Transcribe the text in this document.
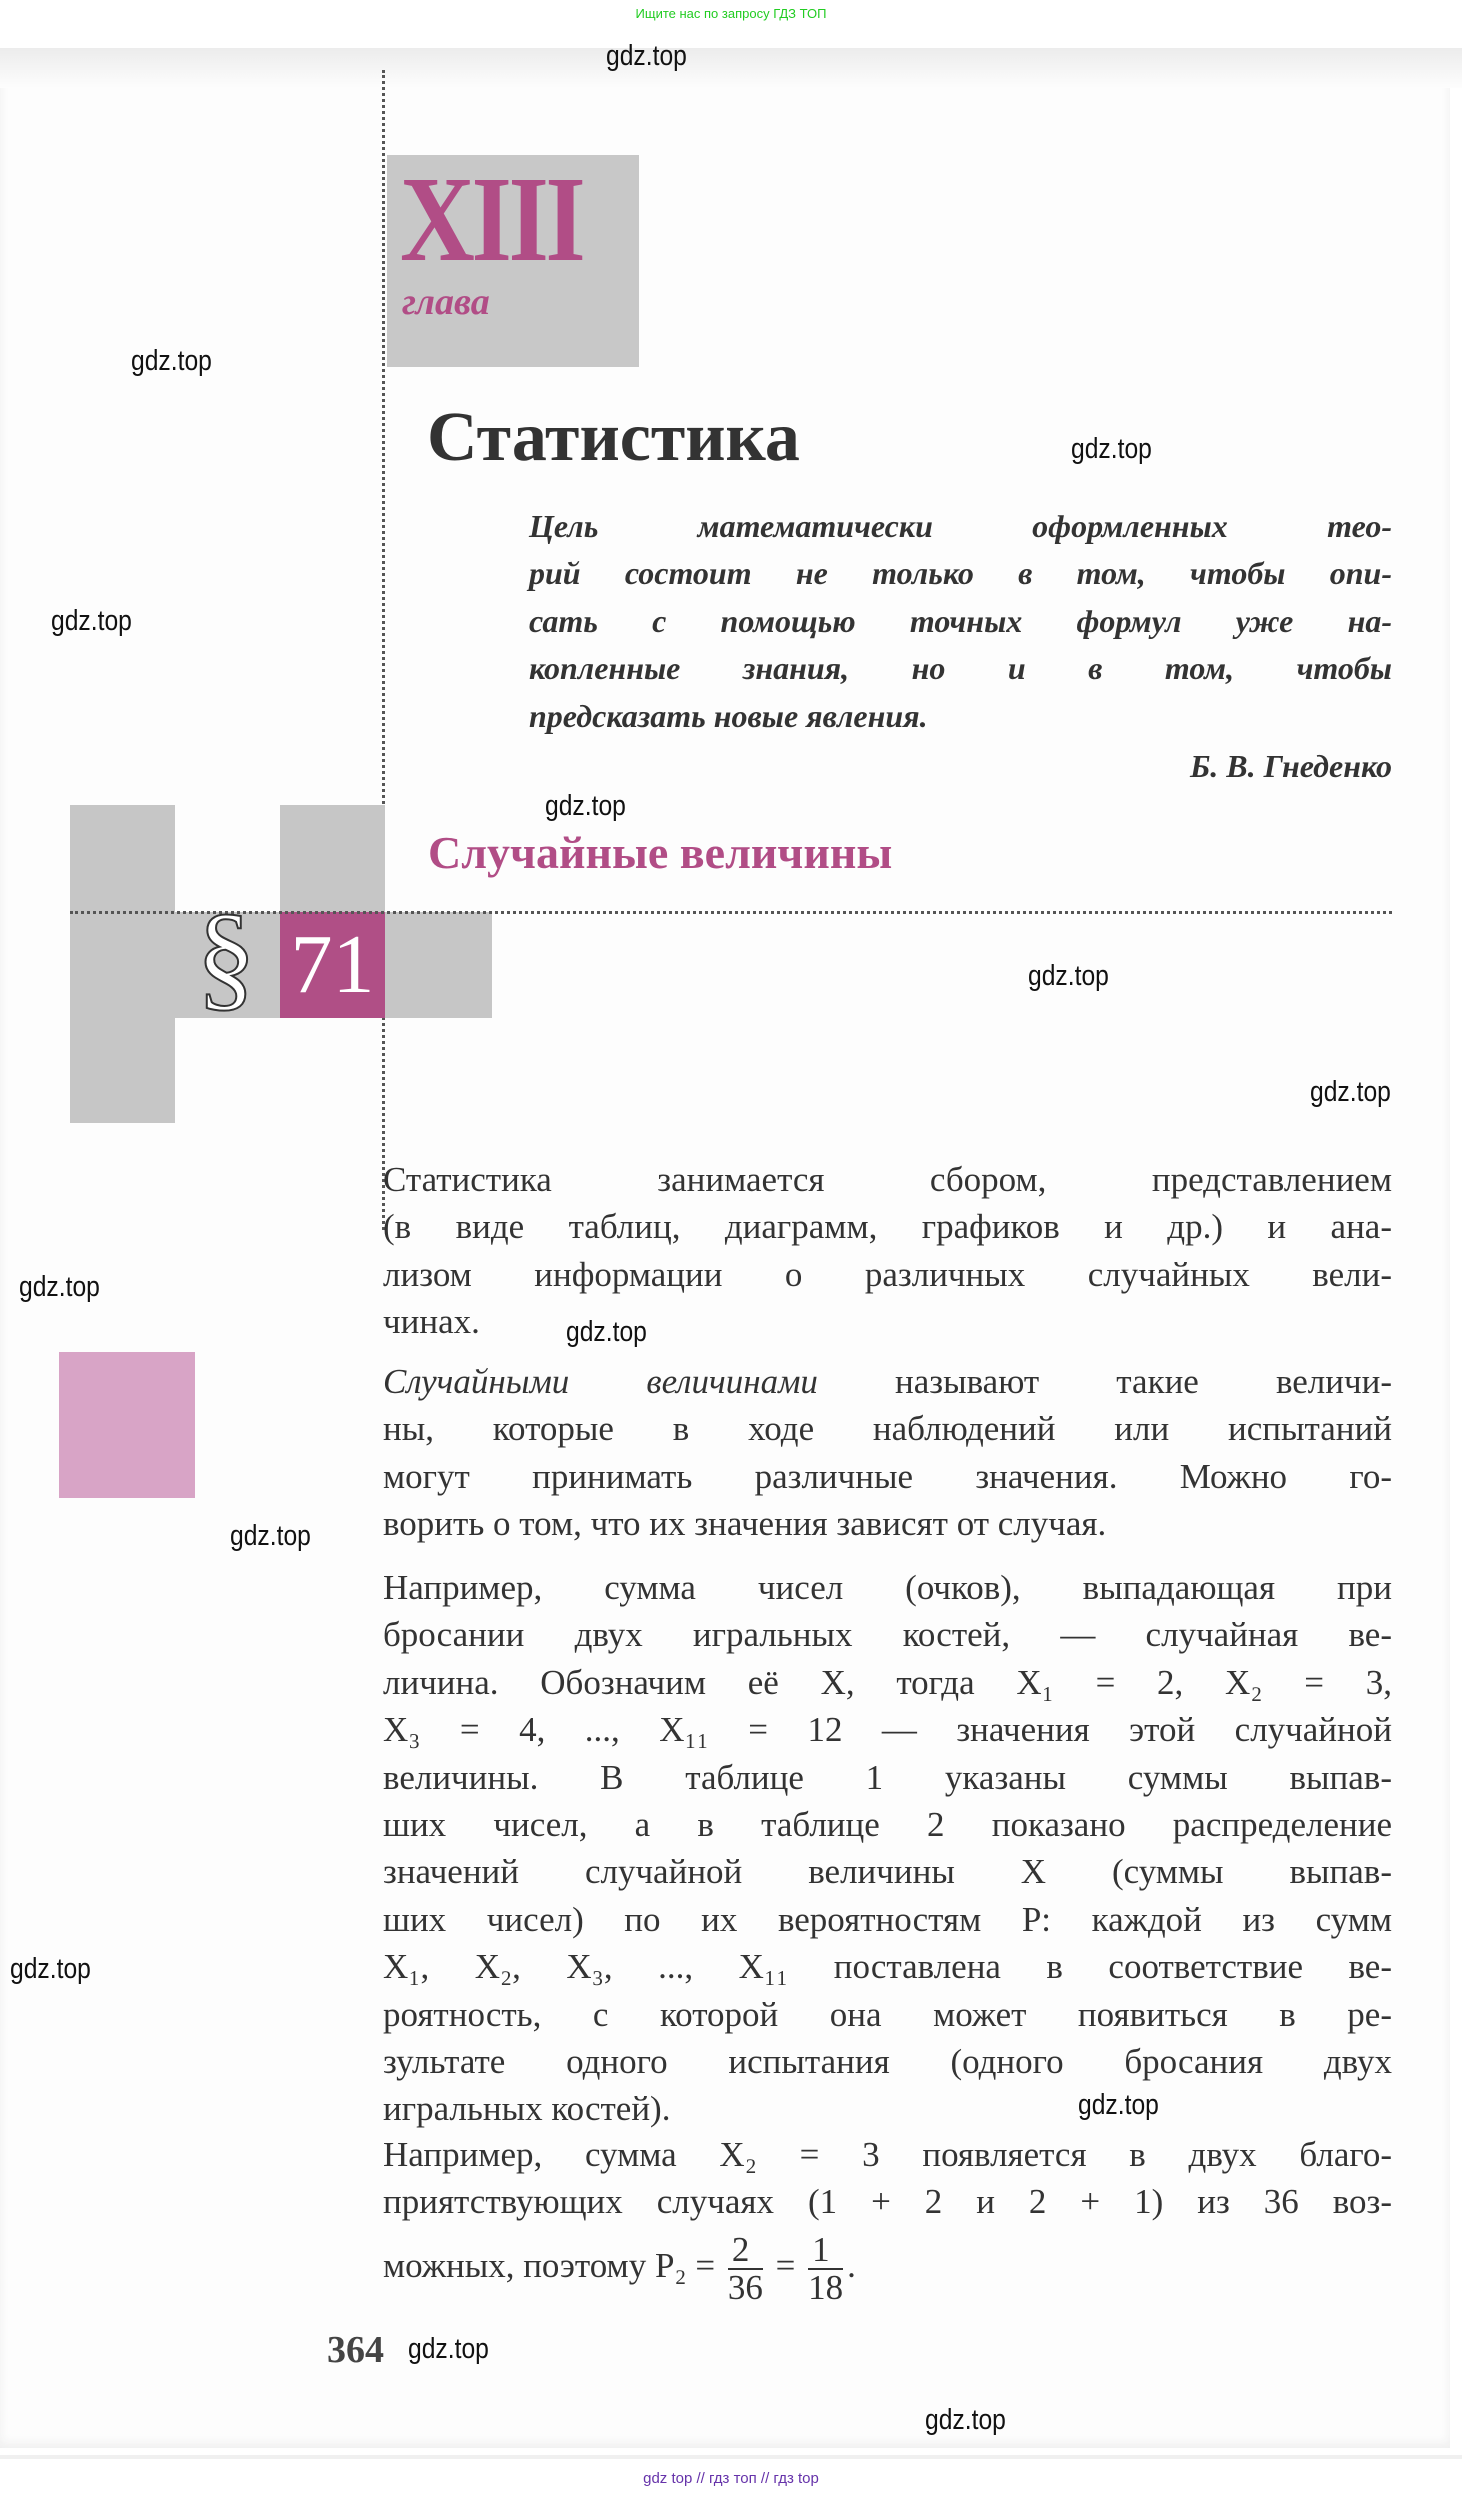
Ищите нас по запросу ГДЗ ТОП
XIII
глава
Статистика
Цель математически оформленных тео-
рий состоит не только в том, чтобы опи-
сать с помощью точных формул уже на-
копленные знания, но и в том, чтобы
предсказать новые явления.
Б. В. Гнеденко
§ 71
Случайные величины
Статистика занимается сбором, представлением
(в виде таблиц, диаграмм, графиков и др.) и ана-
лизом информации о различных случайных вели-
чинах.
Случайными величинами называют такие величи-
ны, которые в ходе наблюдений или испытаний
могут принимать различные значения. Можно го-
ворить о том, что их значения зависят от случая.
Например, сумма чисел (очков), выпадающая при
бросании двух игральных костей, — случайная ве-
личина. Обозначим её X, тогда X₁ = 2, X₂ = 3,
X₃ = 4, ..., X₁₁ = 12 — значения этой случайной
величины. В таблице 1 указаны суммы выпав-
ших чисел, а в таблице 2 показано распределение
значений случайной величины X (суммы выпав-
ших чисел) по их вероятностям P: каждой из сумм
X₁, X₂, X₃, ..., X₁₁ поставлена в соответствие ве-
роятность, с которой она может появиться в ре-
зультате одного испытания (одного бросания двух
игральных костей).
Например, сумма X₂ = 3 появляется в двух благо-
приятствующих случаях (1 + 2 и 2 + 1) из 36 воз-
можных, поэтому $P_2 = \frac{2}{36} = \frac{1}{18}$ .
364
gdz.top
gdz.top
gdz.top
gdz.top
gdz.top
gdz.top
gdz.top
gdz.top
gdz.top
gdz.top
gdz.top
gdz.top
gdz.top
gdz.top
gdz top // гдз топ // гдз top
